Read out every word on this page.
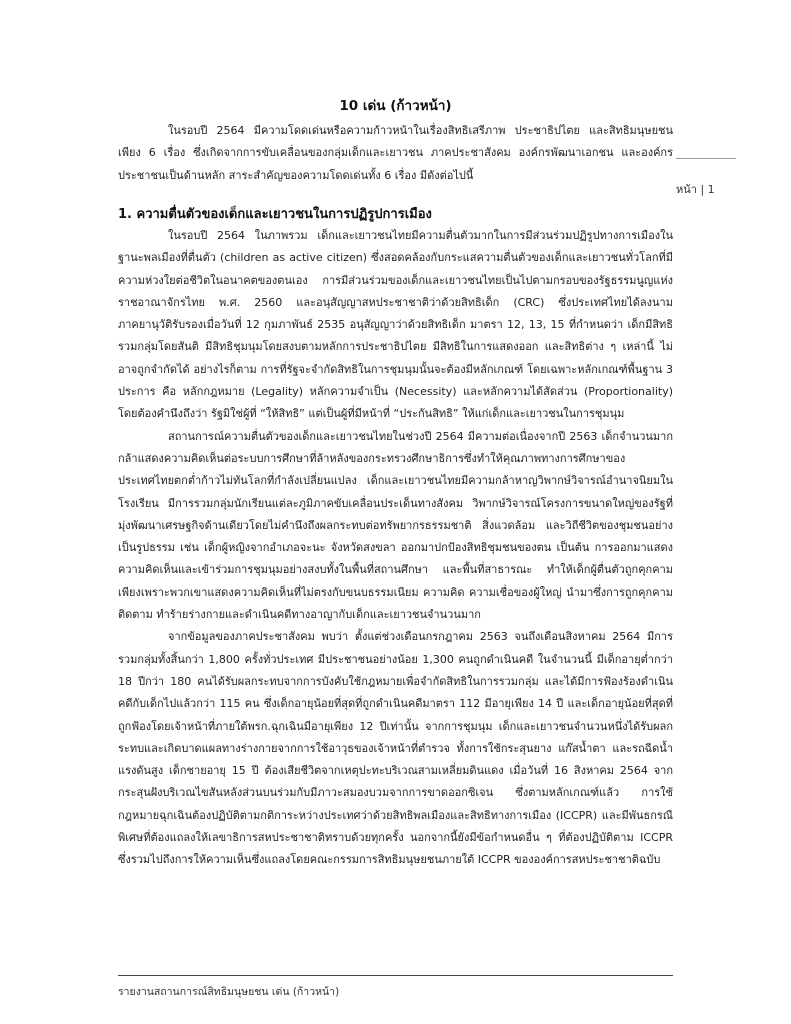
10 เด่น (ก้าวหน้า)

ในรอบปี 2564 มีความโดดเด่นหรือความก้าวหน้าในเรื่องสิทธิเสรีภาพ ประชาธิปไตย และสิทธิมนุษยชนเพียง 6 เรื่อง ซึ่งเกิดจากการขับเคลื่อนของกลุ่มเด็กและเยาวชน ภาคประชาสังคม องค์กรพัฒนาเอกชน และองค์กรประชาชนเป็นด้านหลัก สาระสำคัญของความโดดเด่นทั้ง 6 เรื่อง มีดังต่อไปนี้

หน้า | 1
1. ความตื่นตัวของเด็กและเยาวชนในการปฏิรูปการเมือง

ในรอบปี 2564 ในภาพรวม เด็กและเยาวชนไทยมีความตื่นตัวมากในการมีส่วนร่วมปฏิรูปทางการเมืองในฐานะพลเมืองที่ตื่นตัว (children as active citizen) ซึ่งสอดคล้องกับกระแสความตื่นตัวของเด็กและเยาวชนทั่วโลกที่มีความห่วงใยต่อชีวิตในอนาคตของตนเอง การมีส่วนร่วมของเด็กและเยาวชนไทยเป็นไปตามกรอบของรัฐธรรมนูญแห่งราชอาณาจักรไทย พ.ศ. 2560 และอนุสัญญาสหประชาชาติว่าด้วยสิทธิเด็ก (CRC) ซึ่งประเทศไทยได้ลงนามภาคยานุวัติรับรองเมื่อวันที่ 12 กุมภาพันธ์ 2535 อนุสัญญาว่าด้วยสิทธิเด็ก มาตรา 12, 13, 15 ที่กำหนดว่า เด็กมีสิทธิรวมกลุ่มโดยสันติ มีสิทธิชุมนุมโดยสงบตามหลักการประชาธิปไตย มีสิทธิในการแสดงออก และสิทธิต่าง ๆ เหล่านี้ ไม่อาจถูกจำกัดได้ อย่างไรก็ตาม การที่รัฐจะจำกัดสิทธิในการชุมนุมนั้นจะต้องมีหลักเกณฑ์ โดยเฉพาะหลักเกณฑ์พื้นฐาน 3 ประการ คือ หลักกฎหมาย (Legality) หลักความจำเป็น (Necessity) และหลักความได้สัดส่วน (Proportionality) โดยต้องคำนึงถึงว่า รัฐมิใช่ผู้ที่ “ให้สิทธิ” แต่เป็นผู้ที่มีหน้าที่ “ประกันสิทธิ” ให้แก่เด็กและเยาวชนในการชุมนุม

สถานการณ์ความตื่นตัวของเด็กและเยาวชนไทยในช่วงปี 2564 มีความต่อเนื่องจากปี 2563 เด็กจำนวนมากกล้าแสดงความคิดเห็นต่อระบบการศึกษาที่ล้าหลังของกระทรวงศึกษาธิการซึ่งทำให้คุณภาพทางการศึกษาของประเทศไทยตกต่ำก้าวไม่ทันโลกที่กำลังเปลี่ยนแปลง เด็กและเยาวชนไทยมีความกล้าหาญวิพากษ์วิจารณ์อำนาจนิยมในโรงเรียน มีการรวมกลุ่มนักเรียนแต่ละภูมิภาคขับเคลื่อนประเด็นทางสังคม วิพากษ์วิจารณ์โครงการขนาดใหญ่ของรัฐที่มุ่งพัฒนาเศรษฐกิจด้านเดียวโดยไม่คำนึงถึงผลกระทบต่อทรัพยากรธรรมชาติ สิ่งแวดล้อม และวิถีชีวิตของชุมชนอย่างเป็นรูปธรรม เช่น เด็กผู้หญิงจากอำเภอจะนะ จังหวัดสงขลา ออกมาปกป้องสิทธิชุมชนของตน เป็นต้น การออกมาแสดงความคิดเห็นและเข้าร่วมการชุมนุมอย่างสงบทั้งในพื้นที่สถานศึกษา และพื้นที่สาธารณะ ทำให้เด็กผู้ตื่นตัวถูกคุกคามเพียงเพราะพวกเขาแสดงความคิดเห็นที่ไม่ตรงกับขนบธรรมเนียม ความคิด ความเชื่อของผู้ใหญ่ นำมาซึ่งการถูกคุกคาม ติดตาม ทำร้ายร่างกายและดำเนินคดีทางอาญากับเด็กและเยาวชนจำนวนมาก

จากข้อมูลของภาคประชาสังคม พบว่า ตั้งแต่ช่วงเดือนกรกฎาคม 2563 จนถึงเดือนสิงหาคม 2564 มีการรวมกลุ่มทั้งสิ้นกว่า 1,800 ครั้งทั่วประเทศ มีประชาชนอย่างน้อย 1,300 คนถูกดำเนินคดี ในจำนวนนี้ มีเด็กอายุต่ำกว่า 18 ปีกว่า 180 คนได้รับผลกระทบจากการบังคับใช้กฎหมายเพื่อจำกัดสิทธิในการรวมกลุ่ม และได้มีการฟ้องร้องดำเนินคดีกับเด็กไปแล้วกว่า 115 คน ซึ่งเด็กอายุน้อยที่สุดที่ถูกดำเนินคดีมาตรา 112 มีอายุเพียง 14 ปี และเด็กอายุน้อยที่สุดที่ถูกฟ้องโดยเจ้าหน้าที่ภายใต้พรก.ฉุกเฉินมีอายุเพียง 12 ปีเท่านั้น จากการชุมนุม เด็กและเยาวชนจำนวนหนึ่งได้รับผลกระทบและเกิดบาดแผลทางร่างกายจากการใช้อาวุธของเจ้าหน้าที่ตำรวจ ทั้งการใช้กระสุนยาง แก๊สน้ำตา และรถฉีดน้ำแรงดันสูง เด็กชายอายุ 15 ปี ต้องเสียชีวิตจากเหตุปะทะบริเวณสามเหลี่ยมดินแดง เมื่อวันที่ 16 สิงหาคม 2564 จากกระสุนฝังบริเวณไขสันหลังส่วนบนร่วมกับมีภาวะสมองบวมจากการขาดออกซิเจน ซึ่งตามหลักเกณฑ์แล้ว การใช้กฎหมายฉุกเฉินต้องปฏิบัติตามกติการะหว่างประเทศว่าด้วยสิทธิพลเมืองและสิทธิทางการเมือง (ICCPR) และมีพันธกรณีพิเศษที่ต้องแถลงให้เลขาธิการสหประชาชาติทราบด้วยทุกครั้ง นอกจากนี้ยังมีข้อกำหนดอื่น ๆ ที่ต้องปฏิบัติตาม ICCPR ซึ่งรวมไปถึงการให้ความเห็นซึ่งแถลงโดยคณะกรรมการสิทธิมนุษยชนภายใต้ ICCPR ขององค์การสหประชาชาติฉบับ

รายงานสถานการณ์สิทธิมนุษยชน เด่น (ก้าวหน้า)
